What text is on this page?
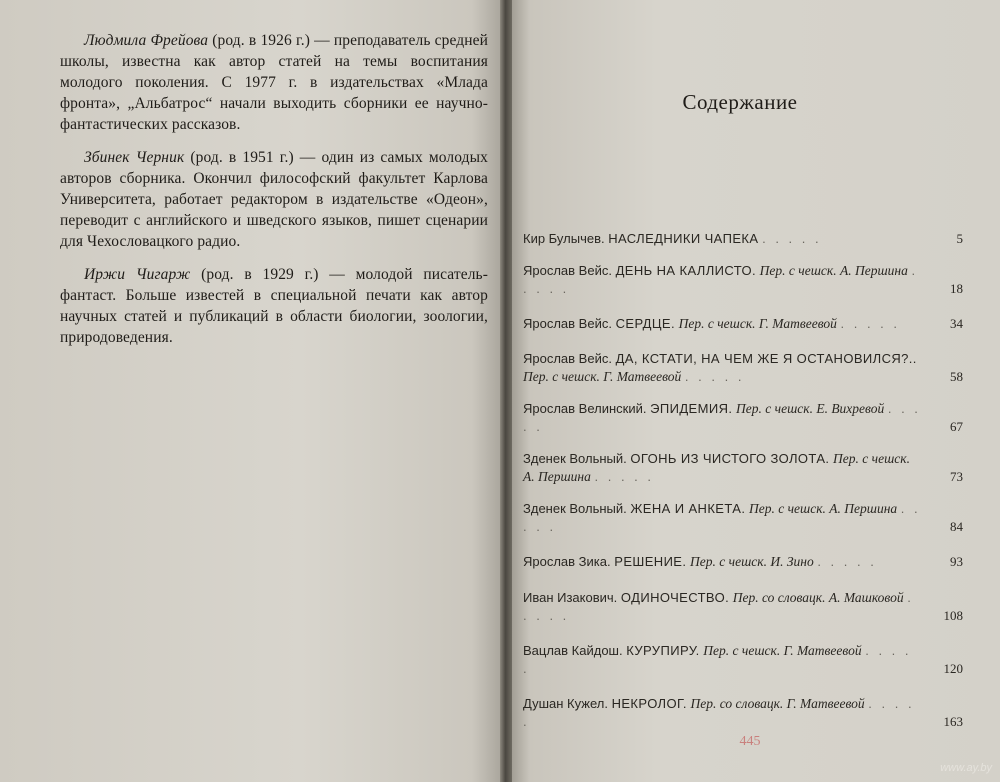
Людмила Фрейова (род. в 1926 г.) — преподаватель средней школы, известна как автор статей на темы воспитания молодого поколения. С 1977 г. в издательствах «Млада фронта», „Альбатрос“ начали выходить сборники ее научно-фантастических рассказов.

Збинек Черник (род. в 1951 г.) — один из самых молодых авторов сборника. Окончил философский факультет Карлова Университета, работает редактором в издательстве «Одеон», переводит с английского и шведского языков, пишет сценарии для Чехословацкого радио.

Иржи Чигарж (род. в 1929 г.) — молодой писатель-фантаст. Больше известей в специальной печати как автор научных статей и публикаций в области биологии, зоологии, природоведения.

Содержание
Кир Булычев. НАСЛЕДНИКИ ЧАПЕКА . . . . .	5
Ярослав Вейс. ДЕНЬ НА КАЛЛИСТО. Пер. с чешск. А. Першина . . . . .	18
Ярослав Вейс. СЕРДЦЕ. Пер. с чешск. Г. Матвеевой . . . . .	34
Ярослав Вейс. ДА, КСТАТИ, НА ЧЕМ ЖЕ Я ОСТАНОВИЛСЯ?.. Пер. с чешск. Г. Матвеевой . . . . .	58
Ярослав Велинский. ЭПИДЕМИЯ. Пер. с чешск. Е. Вихревой . . . . .	67
Зденек Вольный. ОГОНЬ ИЗ ЧИСТОГО ЗОЛОТА. Пер. с чешск. А. Першина . . . . .	73
Зденек Вольный. ЖЕНА И АНКЕТА. Пер. с чешск. А. Першина . . . . .	84
Ярослав Зика. РЕШЕНИЕ. Пер. с чешск. И. Зино . . . . .	93
Иван Изакович. ОДИНОЧЕСТВО. Пер. со словацк. А. Машковой . . . . .	108
Вацлав Кайдош. КУРУПИРУ. Пер. с чешск. Г. Матвеевой . . . . .	120
Душан Кужел. НЕКРОЛОГ. Пер. со словацк. Г. Матвеевой . . . . .	163
445
www.ay.by
